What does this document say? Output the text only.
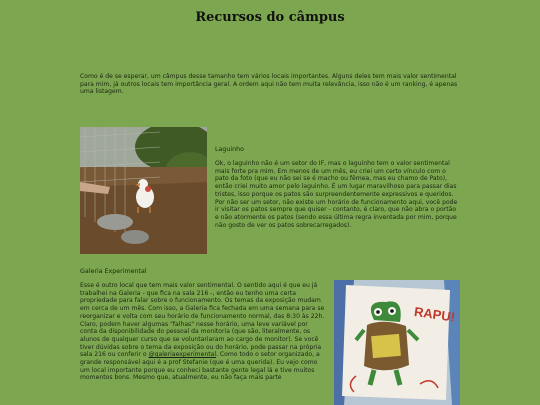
Recursos do câmpus
Como é de se esperar, um câmpus desse tamanho tem vários locais importantes. Alguns deles tem mais valor sentimental para mim, já outros locais tem importância geral. A ordem aqui não tem muita relevância, isso não é um ranking, é apenas uma listagem.
Laguinho
Ok, o laguinho não é um setor do IF, mas o laguinho tem o valor sentimental mais forte pra mim. Em menos de um mês, eu criei um certo vínculo com o pato da foto (que eu não sei se é macho ou fêmea, mas eu chamo de Pato), então criei muito amor pelo laguinho. É um lugar maravilhoso para passar dias tristes, isso porque os patos são surpreendentemente expressivos e queridos. Por não ser um setor, não existe um horário de funcionamento aqui, você pode ir visitar os patos sempre que quiser - contanto, é claro, que não abra o portão e não atormente os patos (sendo essa última regra inventada por mim, porque não gosto de ver os patos sobrecarregados).
Galeria Experimental
Esse é outro local que tem mais valor sentimental. O sentido aqui é que eu já trabalhei na Galeria - que fica na sala 216 -, então eu tenho uma certa propriedade para falar sobre o funcionamento. Os temas da exposição mudam em cerca de um mês. Com isso, a Galeria fica fechada em uma semana para se reorganizar e volta com seu horário de funcionamento normal, das 8:30 às 22h. Claro, podem haver algumas "falhas" nesse horário, uma leve variável por conta da disponibilidade do pessoal da monitoria (que são, literalmente, os alunos de qualquer curso que se voluntariaram ao cargo de monitor). Se você tiver dúvidas sobre o tema da exposição ou do horário, pode passar na própria sala 216 ou conferir o @galeriaexperimental. Como todo o setor organizado, a grande responsável aqui é a prof Stefanie (que é uma querida). Eu vejo como um local importante porque eu conheci bastante gente legal lá e tive muitos momentos bons. Mesmo que, atualmente, eu não faça mais parte
RAPU!
